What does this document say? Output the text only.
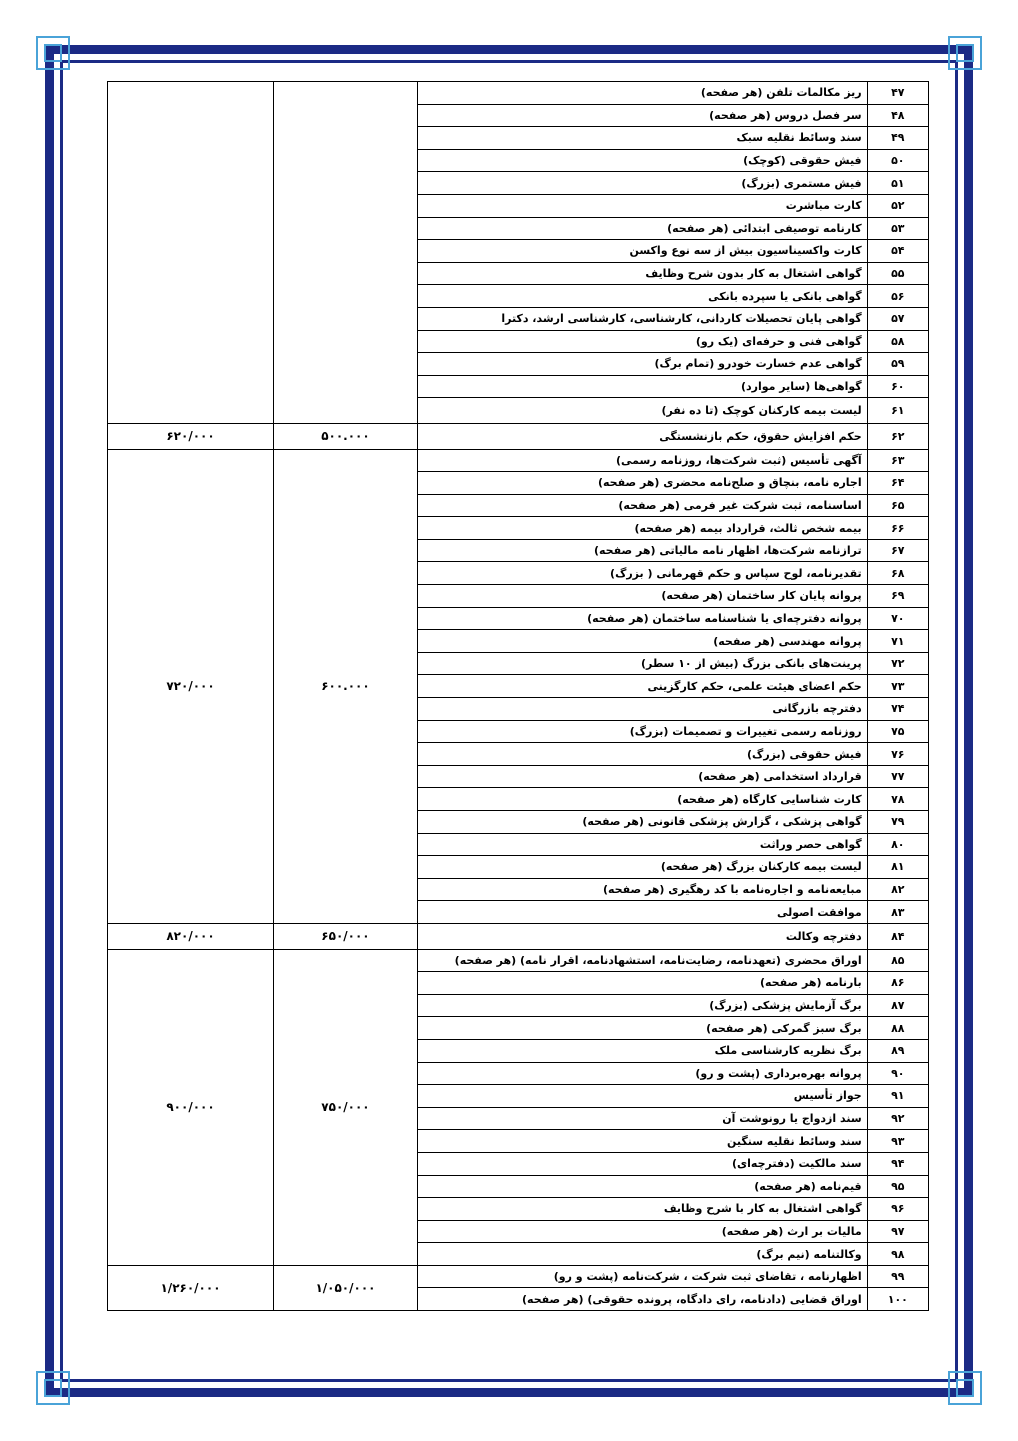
۴۷	ریز مکالمات تلفن (هر صفحه)		
۴۸	سر فصل دروس (هر صفحه)		
۴۹	سند وسائط نقلیه سبک		
۵۰	فیش حقوقی (کوچک)		
۵۱	فیش مستمری (بزرگ)		
۵۲	کارت مباشرت		
۵۳	کارنامه توصیفی ابتدائی (هر صفحه)		
۵۴	کارت واکسیناسیون بیش از سه نوع واکسن		
۵۵	گواهی اشتغال به کار بدون شرح وظایف		
۵۶	گواهی بانکی یا سپرده بانکی		
۵۷	گواهی پایان تحصیلات کاردانی، کارشناسی، کارشناسی ارشد، دکترا		
۵۸	گواهی فنی و حرفه‌ای (یک رو)		
۵۹	گواهی عدم خسارت خودرو (تمام برگ)		
۶۰	گواهی‌ها (سایر موارد)		
۶۱	لیست بیمه کارکنان کوچک (تا ده نفر)		
۶۲	حکم افزایش حقوق، حکم بازنشستگی	۵۰۰.۰۰۰	۶۲۰/۰۰۰
۶۳	آگهی تأسیس (ثبت شرکت‌ها، روزنامه رسمی)	۶۰۰.۰۰۰	۷۲۰/۰۰۰
۶۴	اجاره نامه، بنچاق و صلح‌نامه محضری (هر صفحه)		
۶۵	اساسنامه، ثبت شرکت غیر فرمی (هر صفحه)		
۶۶	بیمه شخص ثالث، قرارداد بیمه (هر صفحه)		
۶۷	ترازنامه شرکت‌ها، اظهار نامه مالیاتی (هر صفحه)		
۶۸	تقدیرنامه، لوح سپاس و حکم قهرمانی ( بزرگ)		
۶۹	پروانه پایان کار ساختمان (هر صفحه)		
۷۰	پروانه دفترچه‌ای یا شناسنامه ساختمان (هر صفحه)		
۷۱	پروانه مهندسی (هر صفحه)		
۷۲	پرینت‌های بانکی بزرگ (بیش از ۱۰ سطر)		
۷۳	حکم اعضای هیئت علمی، حکم کارگزینی		
۷۴	دفترچه بازرگانی		
۷۵	روزنامه رسمی تغییرات و تصمیمات (بزرگ)		
۷۶	فیش حقوقی (بزرگ)		
۷۷	قرارداد استخدامی (هر صفحه)		
۷۸	کارت شناسایی کارگاه (هر صفحه)		
۷۹	گواهی پزشکی ، گزارش پزشکی قانونی (هر صفحه)		
۸۰	گواهی حصر وراثت		
۸۱	لیست بیمه کارکنان بزرگ (هر صفحه)		
۸۲	مبایعه‌نامه و اجاره‌نامه با کد رهگیری (هر صفحه)		
۸۳	موافقت اصولی		
۸۴	دفترچه وکالت	۶۵۰/۰۰۰	۸۲۰/۰۰۰
۸۵	اوراق محضری (تعهدنامه، رضایت‌نامه، استشهادنامه، اقرار نامه) (هر صفحه)	۷۵۰/۰۰۰	۹۰۰/۰۰۰
۸۶	بارنامه (هر صفحه)		
۸۷	برگ آزمایش پزشکی (بزرگ)		
۸۸	برگ سبز گمرکی (هر صفحه)		
۸۹	برگ نظریه کارشناسی ملک		
۹۰	پروانه بهره‌برداری (پشت و رو)		
۹۱	جواز تأسیس		
۹۲	سند ازدواج یا رونوشت آن		
۹۳	سند وسائط نقلیه سنگین		
۹۴	سند مالکیت (دفترچه‌ای)		
۹۵	قیم‌نامه (هر صفحه)		
۹۶	گواهی اشتغال به کار با شرح وظایف		
۹۷	مالیات بر ارث (هر صفحه)		
۹۸	وکالتنامه (نیم برگ)		
۹۹	اظهارنامه ، تقاضای ثبت شرکت ، شرکت‌نامه (پشت و رو)	۱/۰۵۰/۰۰۰	۱/۲۶۰/۰۰۰
۱۰۰	اوراق قضایی (دادنامه، رای دادگاه، پرونده حقوقی) (هر صفحه)		
